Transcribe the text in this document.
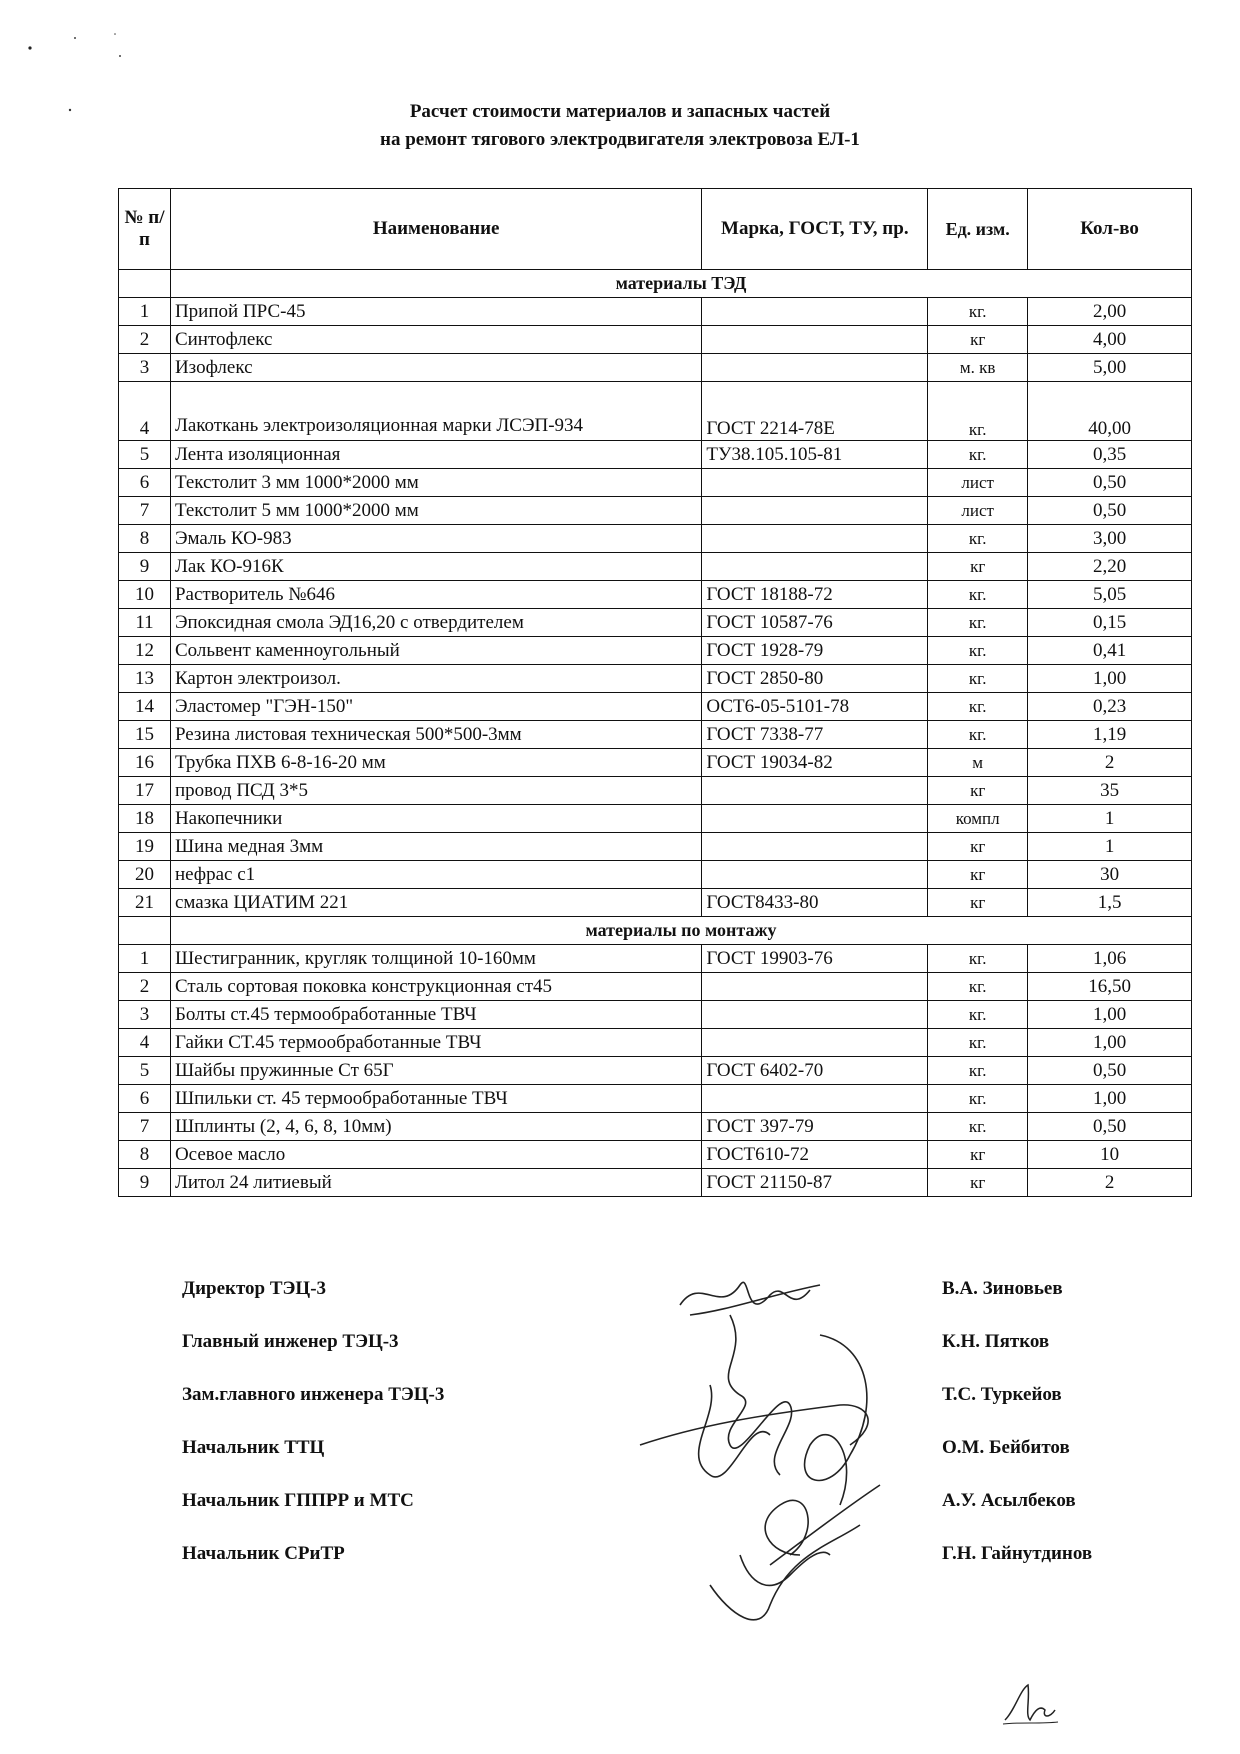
Расчет стоимости материалов и запасных частей
на ремонт тягового электродвигателя электровоза ЕЛ-1
№ п/п	Наименование	Марка, ГОСТ, ТУ, пр.	Ед. изм.	Кол-во
	материалы ТЭД			
1	Припой ПРС-45		кг.	2,00
2	Синтофлекс		кг	4,00
3	Изофлекс		м. кв	5,00
4	Лакоткань электроизоляционная марки ЛСЭП-934	ГОСТ 2214-78Е	кг.	40,00
5	Лента изоляционная	ТУ38.105.105-81	кг.	0,35
6	Текстолит 3 мм 1000*2000 мм		лист	0,50
7	Текстолит 5 мм 1000*2000 мм		лист	0,50
8	Эмаль КО-983		кг.	3,00
9	Лак КО-916К		кг	2,20
10	Растворитель №646	ГОСТ 18188-72	кг.	5,05
11	Эпоксидная смола ЭД16,20 с отвердителем	ГОСТ 10587-76	кг.	0,15
12	Сольвент каменноугольный	ГОСТ 1928-79	кг.	0,41
13	Картон электроизол.	ГОСТ 2850-80	кг.	1,00
14	Эластомер "ГЭН-150"	ОСТ6-05-5101-78	кг.	0,23
15	Резина листовая техническая 500*500-3мм	ГОСТ 7338-77	кг.	1,19
16	Трубка ПХВ 6-8-16-20 мм	ГОСТ 19034-82	м	2
17	провод ПСД 3*5		кг	35
18	Накопечники		компл	1
19	Шина медная 3мм		кг	1
20	нефрас с1		кг	30
21	смазка ЦИАТИМ 221	ГОСТ8433-80	кг	1,5
	материалы по монтажу			
1	Шестигранник, кругляк толщиной 10-160мм	ГОСТ 19903-76	кг.	1,06
2	Сталь сортовая поковка конструкционная ст45		кг.	16,50
3	Болты ст.45 термообработанные ТВЧ		кг.	1,00
4	Гайки СТ.45 термообработанные ТВЧ		кг.	1,00
5	Шайбы пружинные Ст 65Г	ГОСТ 6402-70	кг.	0,50
6	Шпильки ст. 45 термообработанные ТВЧ		кг.	1,00
7	Шплинты (2, 4, 6, 8, 10мм)	ГОСТ 397-79	кг.	0,50
8	Осевое масло	ГОСТ610-72	кг	10
9	Литол 24 литиевый	ГОСТ 21150-87	кг	2
Директор ТЭЦ-3	В.А. Зиновьев
Главный инженер ТЭЦ-3	К.Н. Пятков
Зам.главного инженера ТЭЦ-3	Т.С. Туркейов
Начальник ТТЦ	О.М. Бейбитов
Начальник ГППРР и МТС	А.У. Асылбеков
Начальник СРиТР	Г.Н. Гайнутдинов
